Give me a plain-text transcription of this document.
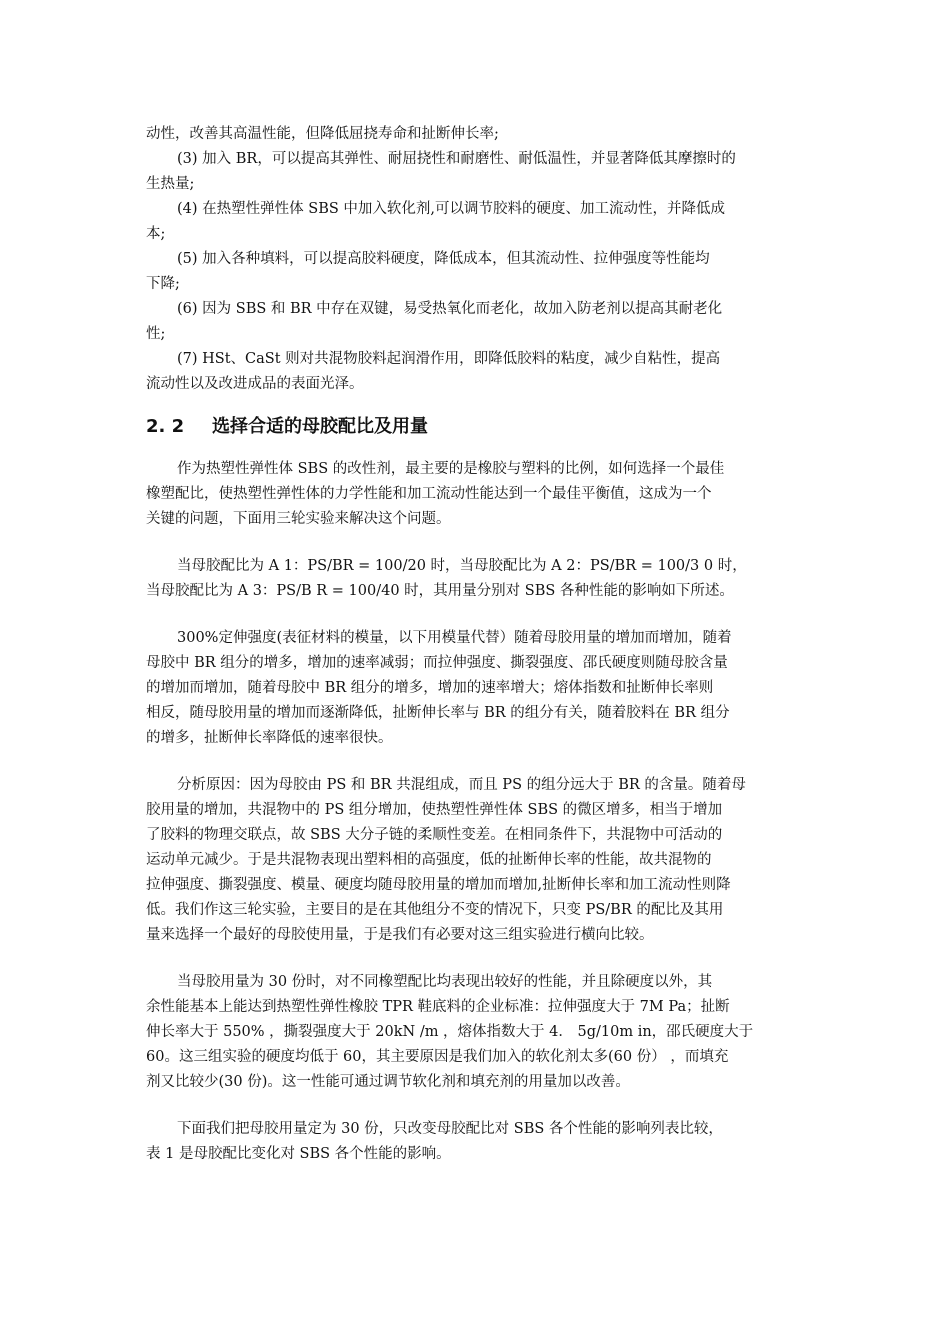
动性，改善其高温性能，但降低屈挠寿命和扯断伸长率;

(3) 加入 BR，可以提高其弹性、耐屈挠性和耐磨性、耐低温性，并显著降低其摩擦时的

生热量;

(4) 在热塑性弹性体 SBS 中加入软化剂,可以调节胶料的硬度、加工流动性，并降低成

本;

(5) 加入各种填料，可以提高胶料硬度，降低成本，但其流动性、拉伸强度等性能均

下降;

(6) 因为 SBS 和 BR 中存在双键，易受热氧化而老化，故加入防老剂以提高其耐老化

性;

(7) HSt、CaSt 则对共混物胶料起润滑作用，即降低胶料的粘度，减少自粘性，提高

流动性以及改进成品的表面光泽。

2. 2 选择合适的母胶配比及用量

作为热塑性弹性体 SBS 的改性剂，最主要的是橡胶与塑料的比例，如何选择一个最佳

橡塑配比，使热塑性弹性体的力学性能和加工流动性能达到一个最佳平衡值，这成为一个

关键的问题，下面用三轮实验来解决这个问题。

当母胶配比为 A 1：PS/BR = 100/20 时，当母胶配比为 A 2：PS/BR = 100/3 0 时，

当母胶配比为 A 3：PS/B R = 100/40 时，其用量分别对 SBS 各种性能的影响如下所述。

300%定伸强度(表征材料的模量，以下用模量代替）随着母胶用量的增加而增加，随着

母胶中 BR 组分的增多，增加的速率减弱；而拉伸强度、撕裂强度、邵氏硬度则随母胶含量

的增加而增加，随着母胶中 BR 组分的增多，增加的速率增大；熔体指数和扯断伸长率则

相反，随母胶用量的增加而逐渐降低，扯断伸长率与 BR 的组分有关，随着胶料在 BR 组分

的增多，扯断伸长率降低的速率很快。

分析原因：因为母胶由 PS 和 BR 共混组成，而且 PS 的组分远大于 BR 的含量。随着母

胶用量的增加，共混物中的 PS 组分增加，使热塑性弹性体 SBS 的微区增多，相当于增加

了胶料的物理交联点，故 SBS 大分子链的柔顺性变差。在相同条件下，共混物中可活动的

运动单元减少。于是共混物表现出塑料相的高强度，低的扯断伸长率的性能，故共混物的

拉伸强度、撕裂强度、模量、硬度均随母胶用量的增加而增加,扯断伸长率和加工流动性则降

低。我们作这三轮实验，主要目的是在其他组分不变的情况下，只变 PS/BR 的配比及其用

量来选择一个最好的母胶使用量，于是我们有必要对这三组实验进行横向比较。

当母胶用量为 30 份时，对不同橡塑配比均表现出较好的性能，并且除硬度以外，其

余性能基本上能达到热塑性弹性橡胶 TPR 鞋底料的企业标准：拉伸强度大于 7M Pa；扯断

伸长率大于 550% ，撕裂强度大于 20kN /m ，熔体指数大于 4． 5g/10m in，邵氏硬度大于

60。这三组实验的硬度均低于 60，其主要原因是我们加入的软化剂太多(60 份） ，而填充

剂又比较少(30 份)。这一性能可通过调节软化剂和填充剂的用量加以改善。

下面我们把母胶用量定为 30 份，只改变母胶配比对 SBS 各个性能的影响列表比较，

表 1 是母胶配比变化对 SBS 各个性能的影响。
